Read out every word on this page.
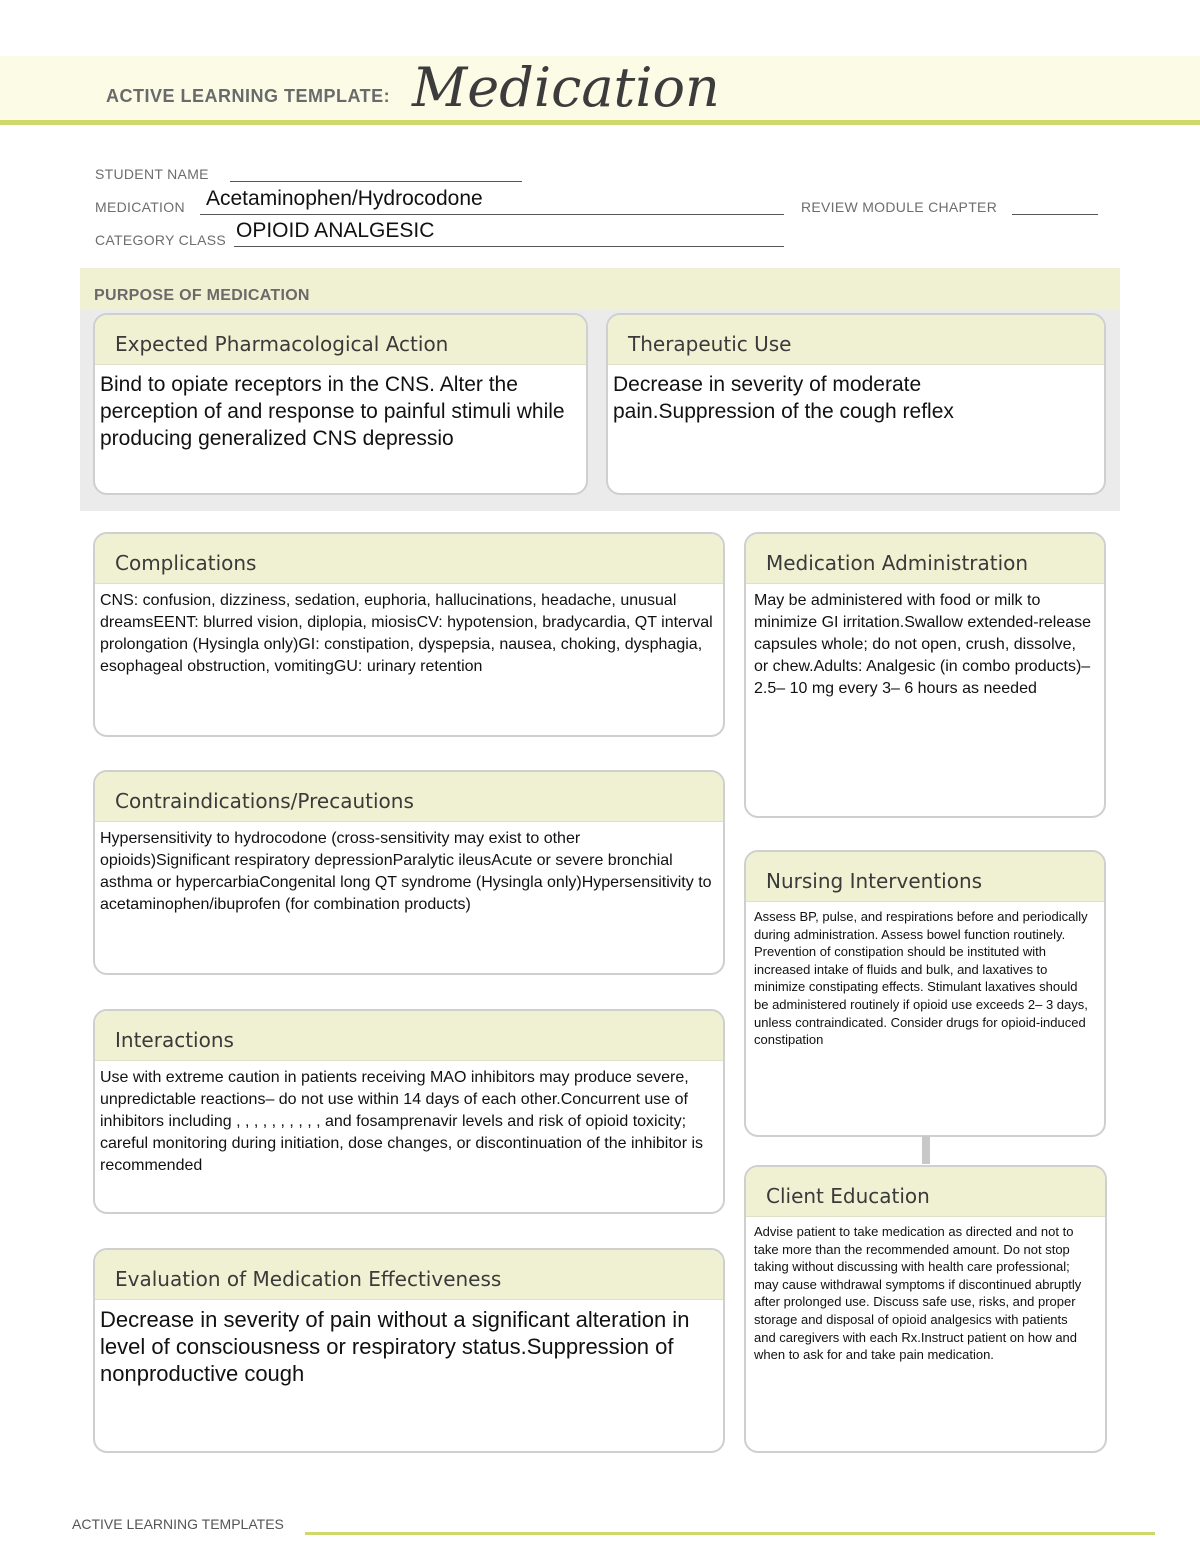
ACTIVE LEARNING TEMPLATE: Medication
STUDENT NAME
MEDICATION Acetaminophen/Hydrocodone	REVIEW MODULE CHAPTER
CATEGORY CLASS OPIOID ANALGESIC
PURPOSE OF MEDICATION
Expected Pharmacological Action
Bind to opiate receptors in the CNS. Alter the perception of and response to painful stimuli while producing generalized CNS depressio
Therapeutic Use
Decrease in severity of moderate pain.Suppression of the cough reflex
Complications
CNS: confusion, dizziness, sedation, euphoria, hallucinations, headache, unusual dreamsEENT: blurred vision, diplopia, miosisCV: hypotension, bradycardia, QT interval prolongation (Hysingla only)GI: constipation, dyspepsia, nausea, choking, dysphagia, esophageal obstruction, vomitingGU: urinary retention
Contraindications/Precautions
Hypersensitivity to hydrocodone (cross-sensitivity may exist to other opioids)Significant respiratory depressionParalytic ileusAcute or severe bronchial asthma or hypercarbiaCongenital long QT syndrome (Hysingla only)Hypersensitivity to acetaminophen/ibuprofen (for combination products)
Interactions
Use with extreme caution in patients receiving MAO inhibitors may produce severe, unpredictable reactions– do not use within 14 days of each other.Concurrent use of inhibitors including , , , , , , , , , , and fosamprenavir levels and risk of opioid toxicity; careful monitoring during initiation, dose changes, or discontinuation of the inhibitor is recommended
Evaluation of Medication Effectiveness
Decrease in severity of pain without a significant alteration in level of consciousness or respiratory status.Suppression of nonproductive cough
Medication Administration
May be administered with food or milk to minimize GI irritation.Swallow extended-release capsules whole; do not open, crush, dissolve, or chew.Adults: Analgesic (in combo products)– 2.5– 10 mg every 3– 6 hours as needed
Nursing Interventions
Assess BP, pulse, and respirations before and periodically during administration. Assess bowel function routinely. Prevention of constipation should be instituted with increased intake of fluids and bulk, and laxatives to minimize constipating effects. Stimulant laxatives should be administered routinely if opioid use exceeds 2– 3 days, unless contraindicated. Consider drugs for opioid-induced constipation
Client Education
Advise patient to take medication as directed and not to take more than the recommended amount. Do not stop taking without discussing with health care professional; may cause withdrawal symptoms if discontinued abruptly after prolonged use. Discuss safe use, risks, and proper storage and disposal of opioid analgesics with patients and caregivers with each Rx.Instruct patient on how and when to ask for and take pain medication.
ACTIVE LEARNING TEMPLATES
